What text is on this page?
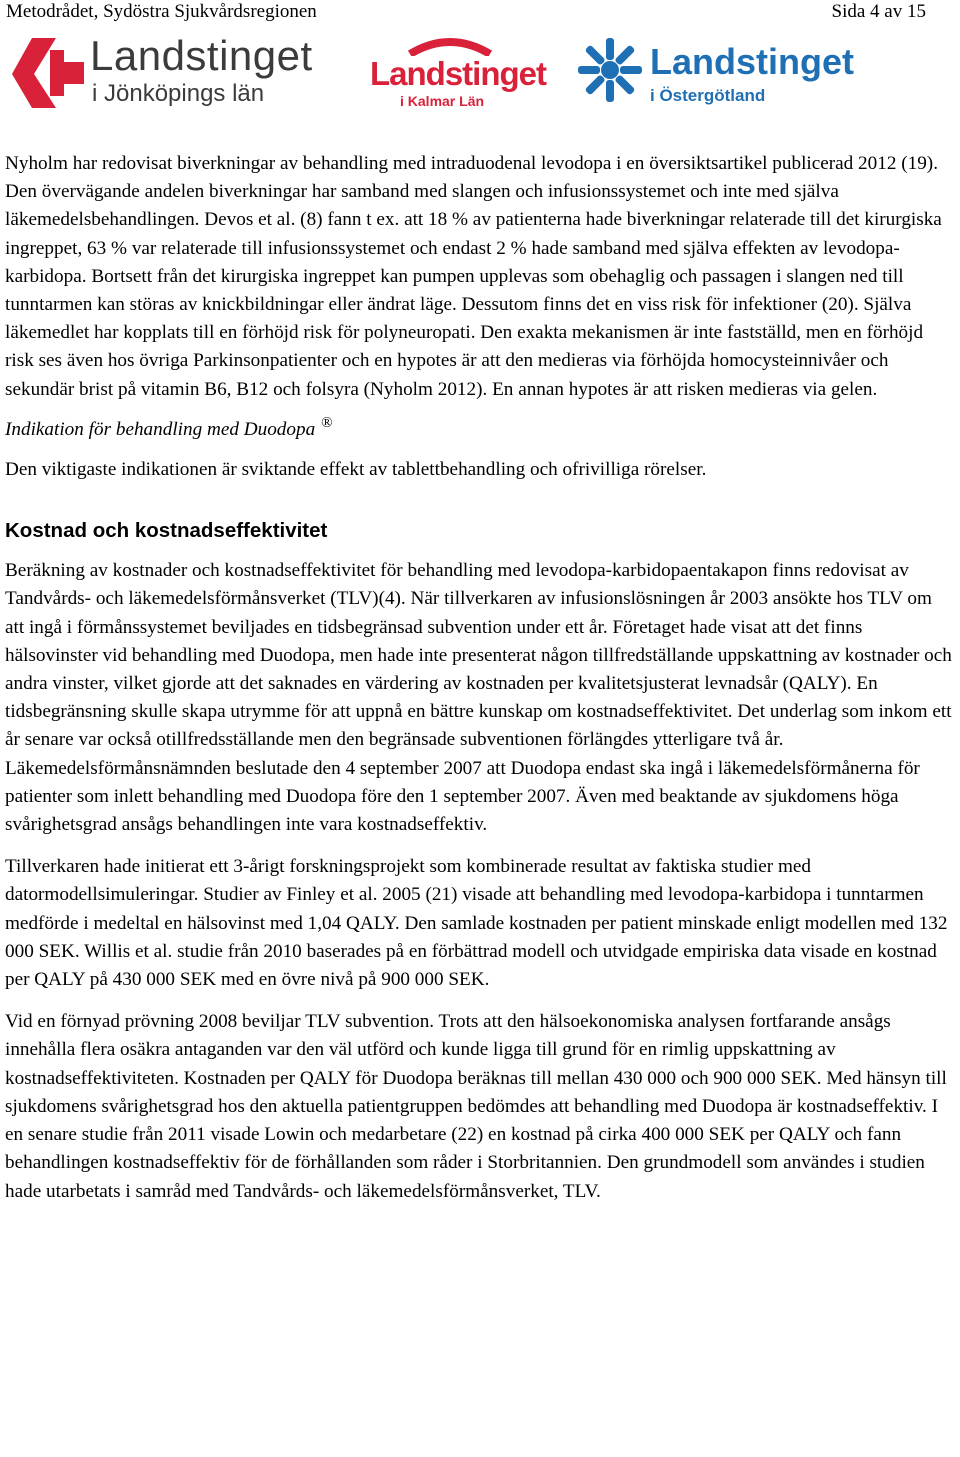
Metodrådet, Sydöstra Sjukvårdsregionen	Sida 4 av 15
Landstinget
i Jönköpings län
Landstinget
i Kalmar Län
Landstinget
i Östergötland

Nyholm har redovisat biverkningar av behandling med intraduodenal levodopa i en översiktsartikel publicerad 2012 (19). Den övervägande andelen biverkningar har samband med slangen och infusionssystemet och inte med själva läkemedelsbehandlingen. Devos et al. (8) fann t ex. att 18 % av patienterna hade biverkningar relaterade till det kirurgiska ingreppet, 63 % var relaterade till infusionssystemet och endast 2 % hade samband med själva effekten av levodopa-karbidopa. Bortsett från det kirurgiska ingreppet kan pumpen upplevas som obehaglig och passagen i slangen ned till tunntarmen kan störas av knickbildningar eller ändrat läge. Dessutom finns det en viss risk för infektioner (20). Själva läkemedlet har kopplats till en förhöjd risk för polyneuropati. Den exakta mekanismen är inte fastställd, men en förhöjd risk ses även hos övriga Parkinsonpatienter och en hypotes är att den medieras via förhöjda homocysteinnivåer och sekundär brist på vitamin B6, B12 och folsyra (Nyholm 2012). En annan hypotes är att risken medieras via gelen.

Indikation för behandling med Duodopa ®

Den viktigaste indikationen är sviktande effekt av tablettbehandling och ofrivilliga rörelser.

Kostnad och kostnadseffektivitet

Beräkning av kostnader och kostnadseffektivitet för behandling med levodopa-karbidopaentakapon finns redovisat av Tandvårds- och läkemedelsförmånsverket (TLV)(4). När tillverkaren av infusionslösningen år 2003 ansökte hos TLV om att ingå i förmånssystemet beviljades en tidsbegränsad subvention under ett år. Företaget hade visat att det finns hälsovinster vid behandling med Duodopa, men hade inte presenterat någon tillfredställande uppskattning av kostnader och andra vinster, vilket gjorde att det saknades en värdering av kostnaden per kvalitetsjusterat levnadsår (QALY). En tidsbegränsning skulle skapa utrymme för att uppnå en bättre kunskap om kostnadseffektivitet. Det underlag som inkom ett år senare var också otillfredsställande men den begränsade subventionen förlängdes ytterligare två år. Läkemedelsförmånsnämnden beslutade den 4 september 2007 att Duodopa endast ska ingå i läkemedelsförmånerna för patienter som inlett behandling med Duodopa före den 1 september 2007. Även med beaktande av sjukdomens höga svårighetsgrad ansågs behandlingen inte vara kostnadseffektiv.

Tillverkaren hade initierat ett 3-årigt forskningsprojekt som kombinerade resultat av faktiska studier med datormodellsimuleringar. Studier av Finley et al. 2005 (21) visade att behandling med levodopa-karbidopa i tunntarmen medförde i medeltal en hälsovinst med 1,04 QALY. Den samlade kostnaden per patient minskade enligt modellen med 132 000 SEK. Willis et al. studie från 2010 baserades på en förbättrad modell och utvidgade empiriska data visade en kostnad per QALY på 430 000 SEK med en övre nivå på 900 000 SEK.

Vid en förnyad prövning 2008 beviljar TLV subvention. Trots att den hälsoekonomiska analysen fortfarande ansågs innehålla flera osäkra antaganden var den väl utförd och kunde ligga till grund för en rimlig uppskattning av kostnadseffektiviteten. Kostnaden per QALY för Duodopa beräknas till mellan 430 000 och 900 000 SEK. Med hänsyn till sjukdomens svårighetsgrad hos den aktuella patientgruppen bedömdes att behandling med Duodopa är kostnadseffektiv. I en senare studie från 2011 visade Lowin och medarbetare (22) en kostnad på cirka 400 000 SEK per QALY och fann behandlingen kostnadseffektiv för de förhållanden som råder i Storbritannien. Den grundmodell som användes i studien hade utarbetats i samråd med Tandvårds- och läkemedelsförmånsverket, TLV.
